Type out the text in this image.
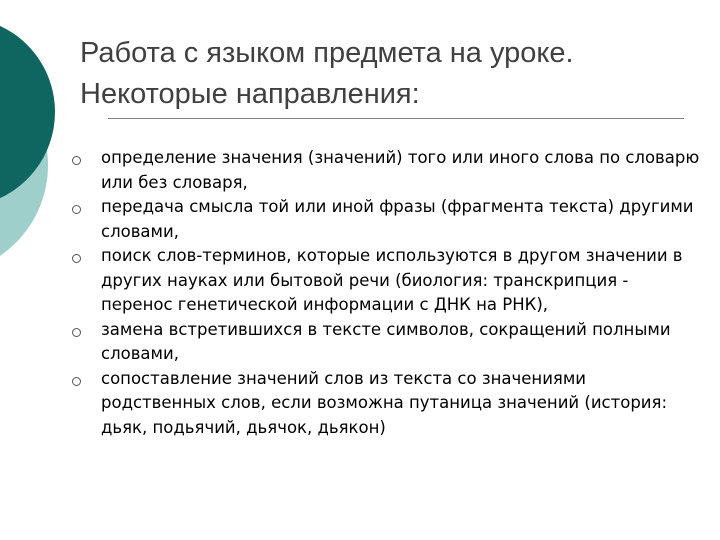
Работа с языком предмета на уроке.
Некоторые направления:
определение значения (значений) того или иного слова по словарю или без словаря,
передача смысла той или иной фразы (фрагмента текста) другими словами,
поиск слов-терминов, которые используются в другом значении в других науках или бытовой речи (биология: транскрипция - перенос генетической информации с ДНК на РНК),
замена встретившихся в тексте символов, сокращений полными словами,
сопоставление значений слов из текста со значениями родственных слов, если возможна путаница значений (история: дьяк, подьячий, дьячок, дьякон)
